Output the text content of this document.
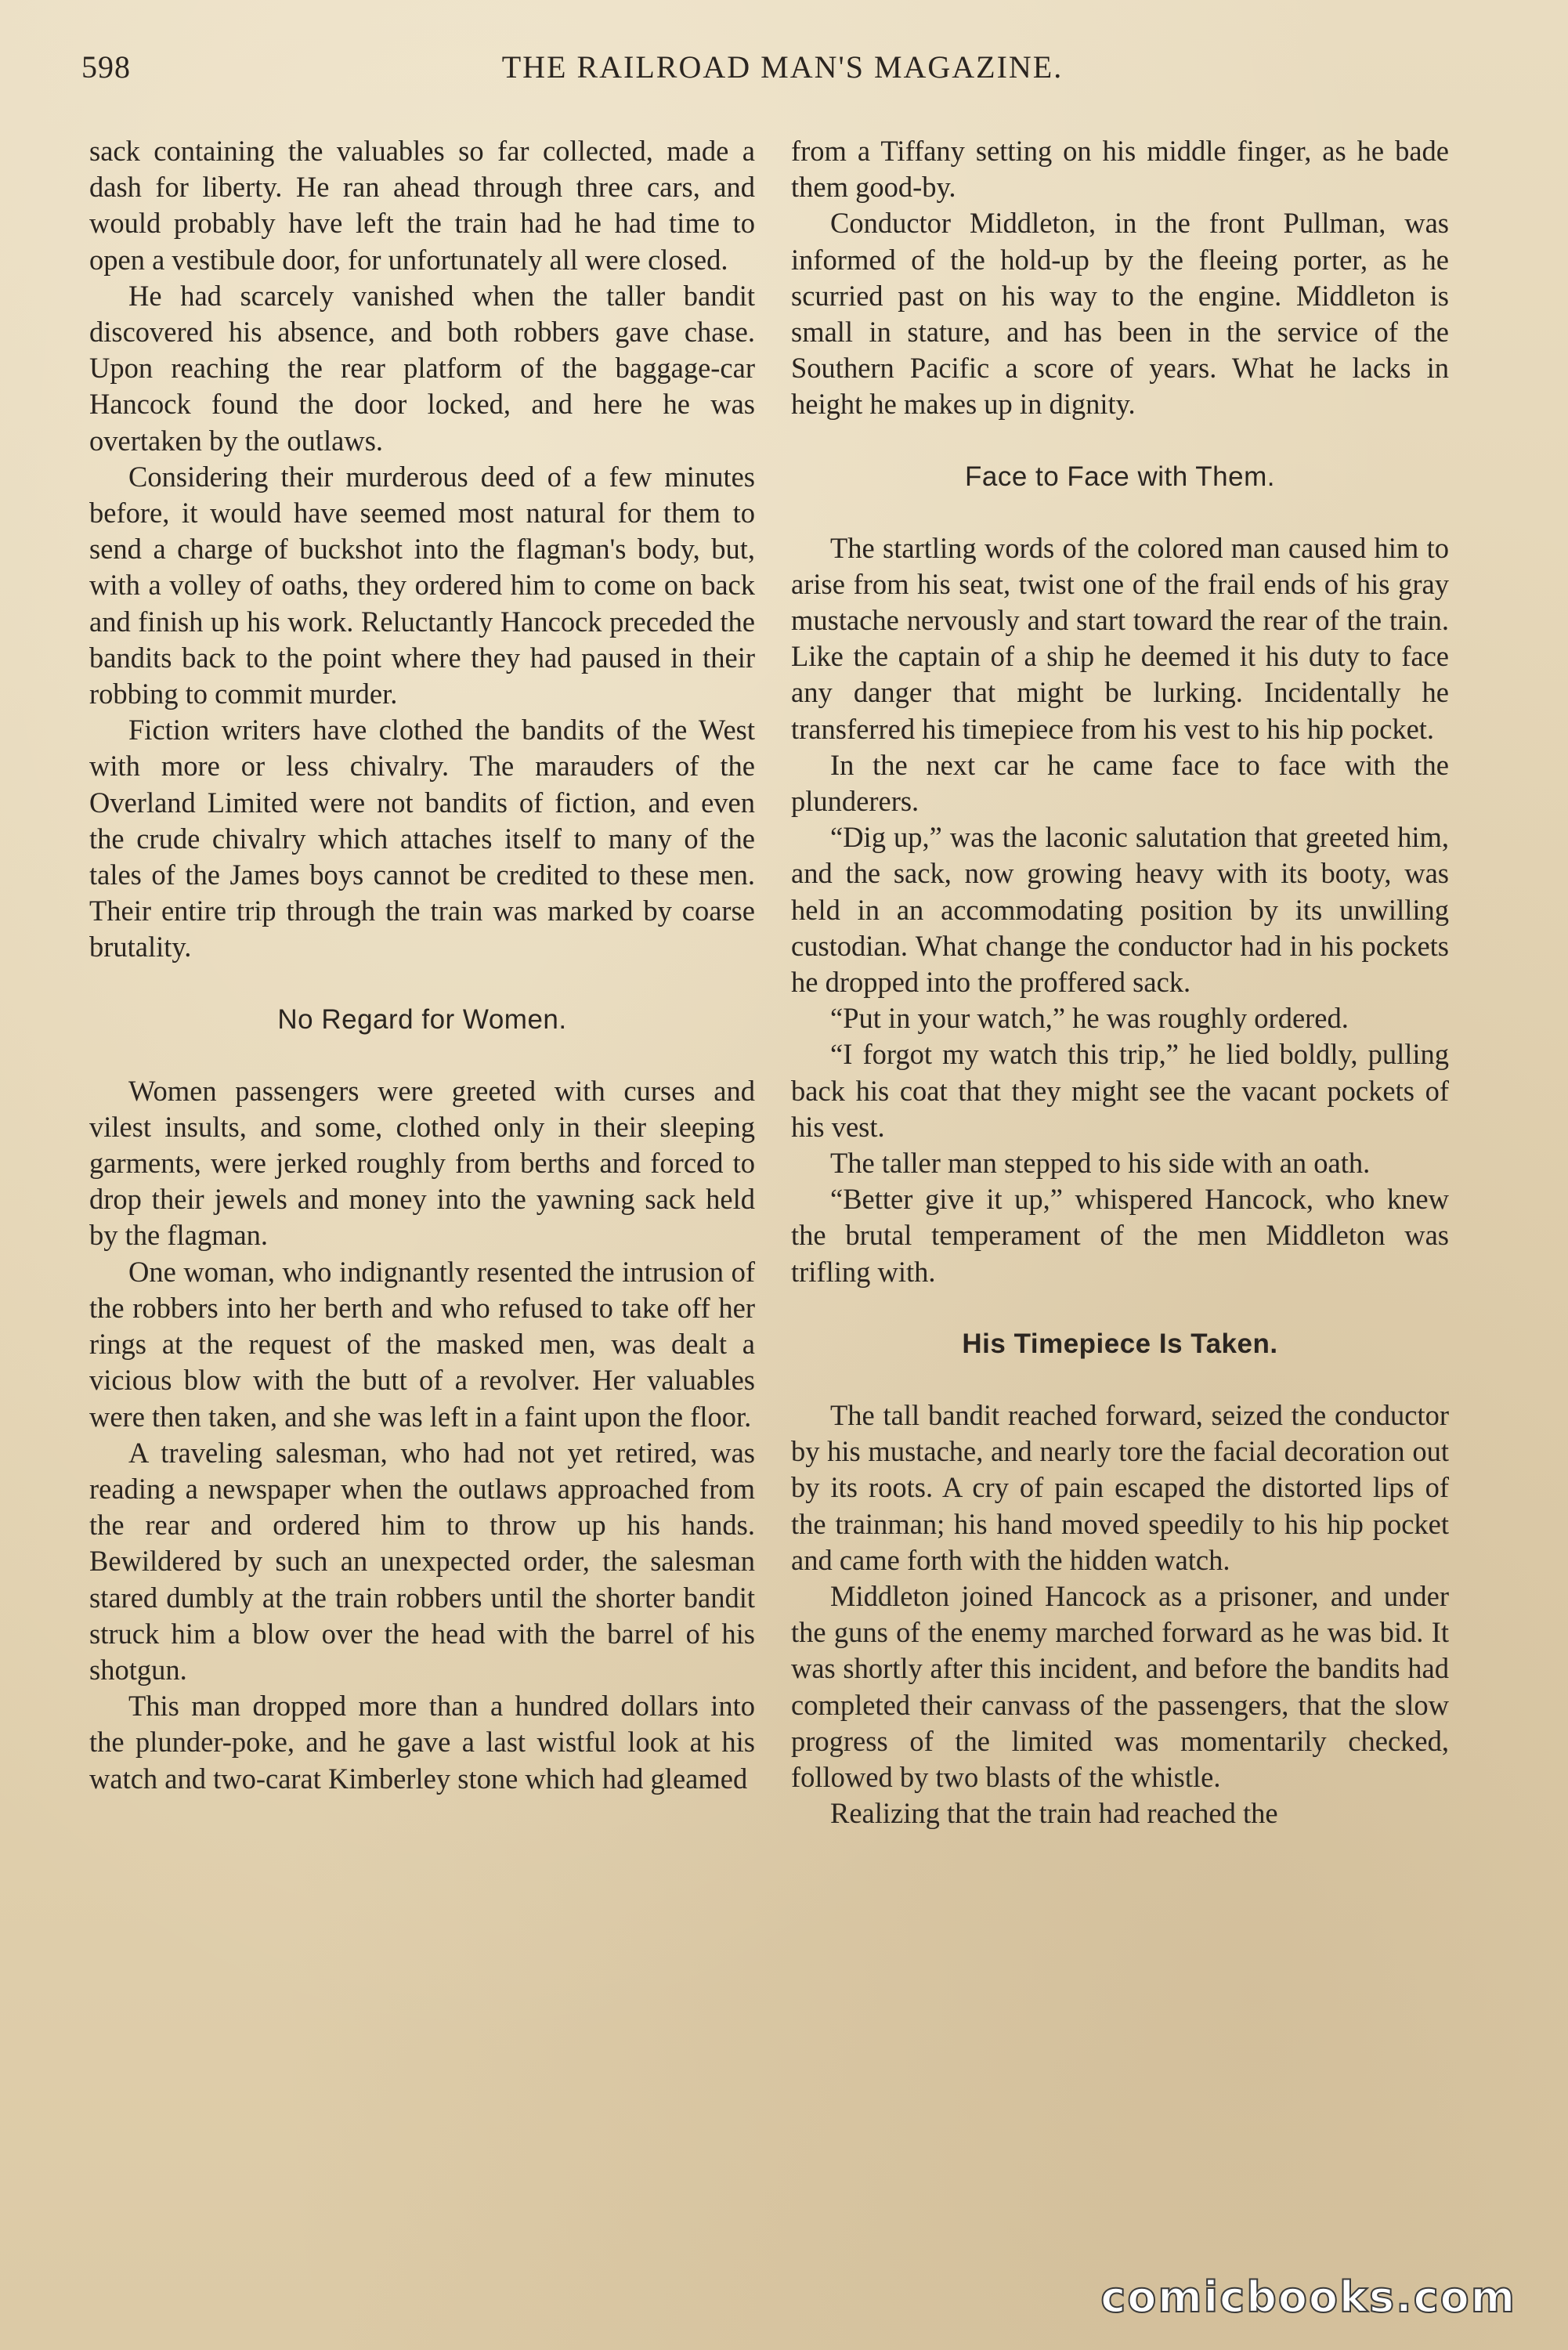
598	THE RAILROAD MAN'S MAGAZINE.

sack containing the valuables so far collected, made a dash for liberty. He ran ahead through three cars, and would probably have left the train had he had time to open a vestibule door, for unfortunately all were closed.

He had scarcely vanished when the taller bandit discovered his absence, and both robbers gave chase. Upon reaching the rear platform of the baggage-car Hancock found the door locked, and here he was overtaken by the outlaws.

Considering their murderous deed of a few minutes before, it would have seemed most natural for them to send a charge of buckshot into the flagman's body, but, with a volley of oaths, they ordered him to come on back and finish up his work. Reluctantly Hancock preceded the bandits back to the point where they had paused in their robbing to commit murder.

Fiction writers have clothed the bandits of the West with more or less chivalry. The marauders of the Overland Limited were not bandits of fiction, and even the crude chivalry which attaches itself to many of the tales of the James boys cannot be credited to these men. Their entire trip through the train was marked by coarse brutality.

No Regard for Women.

Women passengers were greeted with curses and vilest insults, and some, clothed only in their sleeping garments, were jerked roughly from berths and forced to drop their jewels and money into the yawning sack held by the flagman.

One woman, who indignantly resented the intrusion of the robbers into her berth and who refused to take off her rings at the request of the masked men, was dealt a vicious blow with the butt of a revolver. Her valuables were then taken, and she was left in a faint upon the floor.

A traveling salesman, who had not yet retired, was reading a newspaper when the outlaws approached from the rear and ordered him to throw up his hands. Bewildered by such an unexpected order, the salesman stared dumbly at the train robbers until the shorter bandit struck him a blow over the head with the barrel of his shotgun.

This man dropped more than a hundred dollars into the plunder-poke, and he gave a last wistful look at his watch and two-carat Kimberley stone which had gleamed

from a Tiffany setting on his middle finger, as he bade them good-by.

Conductor Middleton, in the front Pullman, was informed of the hold-up by the fleeing porter, as he scurried past on his way to the engine. Middleton is small in stature, and has been in the service of the Southern Pacific a score of years. What he lacks in height he makes up in dignity.

Face to Face with Them.

The startling words of the colored man caused him to arise from his seat, twist one of the frail ends of his gray mustache nervously and start toward the rear of the train. Like the captain of a ship he deemed it his duty to face any danger that might be lurking. Incidentally he transferred his timepiece from his vest to his hip pocket.

In the next car he came face to face with the plunderers.

“Dig up,” was the laconic salutation that greeted him, and the sack, now growing heavy with its booty, was held in an accommodating position by its unwilling custodian. What change the conductor had in his pockets he dropped into the proffered sack.

“Put in your watch,” he was roughly ordered.

“I forgot my watch this trip,” he lied boldly, pulling back his coat that they might see the vacant pockets of his vest.

The taller man stepped to his side with an oath.

“Better give it up,” whispered Hancock, who knew the brutal temperament of the men Middleton was trifling with.

His Timepiece Is Taken.

The tall bandit reached forward, seized the conductor by his mustache, and nearly tore the facial decoration out by its roots. A cry of pain escaped the distorted lips of the trainman; his hand moved speedily to his hip pocket and came forth with the hidden watch.

Middleton joined Hancock as a prisoner, and under the guns of the enemy marched forward as he was bid. It was shortly after this incident, and before the bandits had completed their canvass of the passengers, that the slow progress of the limited was momentarily checked, followed by two blasts of the whistle.

Realizing that the train had reached the

comicbooks.com
